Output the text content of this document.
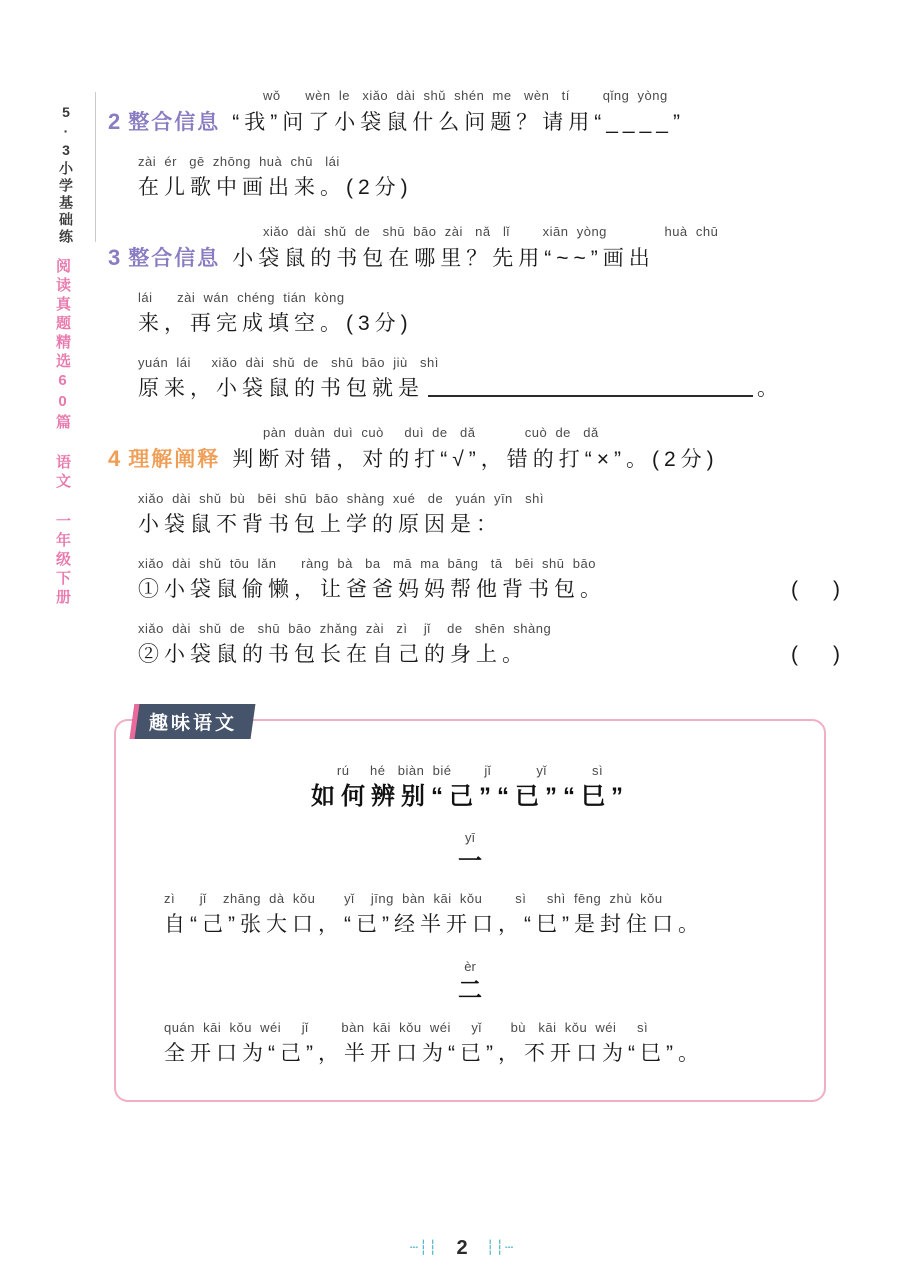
5·3小学基础练
阅读真题精选60篇 语文 一年级下册
wǒ      wèn  le   xiǎo  dài  shǔ  shén  me   wèn   tí        qǐng  yòng
2 整合信息 “我”问了小袋鼠什么问题？请用“____”
zài  ér   gē  zhōng  huà  chū   lái
在儿歌中画出来。(2分)
xiǎo  dài  shǔ  de   shū  bāo  zài   nǎ   lǐ        xiān  yòng              huà  chū
3 整合信息 小袋鼠的书包在哪里？先用“~~”画出
lái      zài  wán  chéng  tián  kòng
来，再完成填空。(3分)
yuán  lái     xiǎo  dài  shǔ  de   shū  bāo  jiù   shì
原来，小袋鼠的书包就是	。
pàn  duàn  duì  cuò     duì  de   dǎ            cuò  de   dǎ
4 理解阐释 判断对错，对的打“√”，错的打“×”。(2分)
xiǎo  dài  shǔ  bù   bēi  shū  bāo  shàng  xué   de   yuán  yīn   shì
小袋鼠不背书包上学的原因是：
xiǎo  dài  shǔ  tōu  lǎn      ràng  bà   ba   mā  ma  bāng   tā   bēi  shū  bāo
①小袋鼠偷懒，让爸爸妈妈帮他背书包。	(      )
xiǎo  dài  shǔ  de   shū  bāo  zhǎng  zài   zì    jǐ    de   shēn  shàng
②小袋鼠的书包长在自己的身上。	(      )
趣味语文
rú     hé   biàn  bié        jǐ           yǐ           sì
如何辨别“己”“已”“巳”
yī
一
zì      jǐ    zhāng  dà  kǒu       yǐ    jīng  bàn  kāi  kǒu        sì     shì  fēng  zhù  kǒu
自“己”张大口，“已”经半开口，“巳”是封住口。
èr
二
quán  kāi  kǒu  wéi     jǐ        bàn  kāi  kǒu  wéi     yǐ       bù   kāi  kǒu  wéi     sì
全开口为“己”，半开口为“已”，不开口为“巳”。
┄┆┆ 2 ┆┆┄
